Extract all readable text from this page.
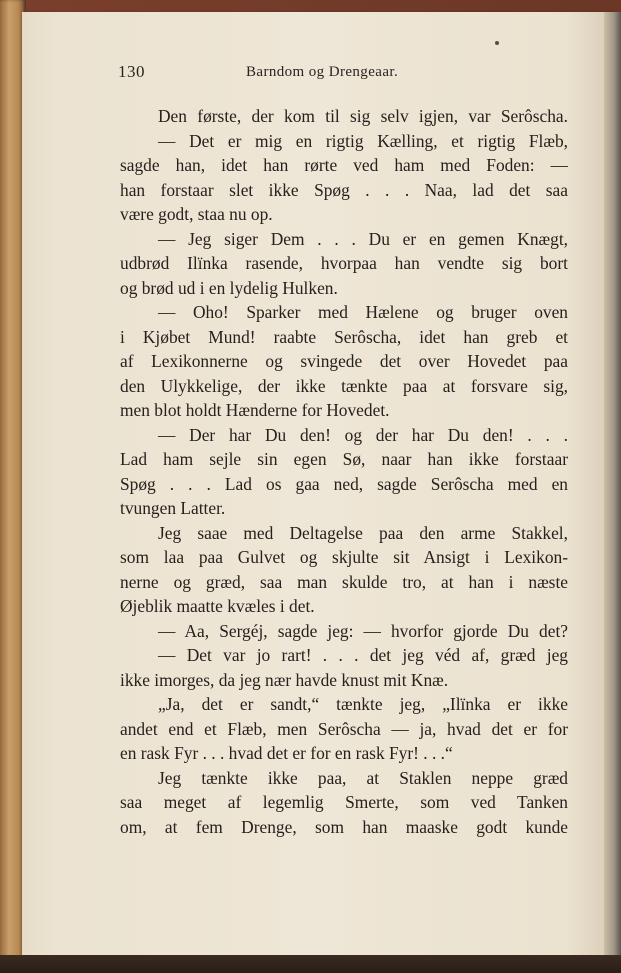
130	Barndom og Drengeaar.
Den første, der kom til sig selv igjen, var Serôscha.
— Det er mig en rigtig Kælling, et rigtig Flæb,
sagde han, idet han rørte ved ham med Foden: —
han forstaar slet ikke Spøg . . . Naa, lad det saa
være godt, staa nu op.
— Jeg siger Dem . . . Du er en gemen Knægt,
udbrød Ilïnka rasende, hvorpaa han vendte sig bort
og brød ud i en lydelig Hulken.
— Oho! Sparker med Hælene og bruger oven
i Kjøbet Mund! raabte Serôscha, idet han greb et
af Lexikonnerne og svingede det over Hovedet paa
den Ulykkelige, der ikke tænkte paa at forsvare sig,
men blot holdt Hænderne for Hovedet.
— Der har Du den! og der har Du den! . . .
Lad ham sejle sin egen Sø, naar han ikke forstaar
Spøg . . . Lad os gaa ned, sagde Serôscha med en
tvungen Latter.
Jeg saae med Deltagelse paa den arme Stakkel,
som laa paa Gulvet og skjulte sit Ansigt i Lexikon-
nerne og græd, saa man skulde tro, at han i næste
Øjeblik maatte kvæles i det.
— Aa, Sergéj, sagde jeg: — hvorfor gjorde Du det?
— Det var jo rart! . . . det jeg véd af, græd jeg
ikke imorges, da jeg nær havde knust mit Knæ.
„Ja, det er sandt,“ tænkte jeg, „Ilïnka er ikke
andet end et Flæb, men Serôscha — ja, hvad det er for
en rask Fyr . . . hvad det er for en rask Fyr! . . .“
Jeg tænkte ikke paa, at Staklen neppe græd
saa meget af legemlig Smerte, som ved Tanken
om, at fem Drenge, som han maaske godt kunde
